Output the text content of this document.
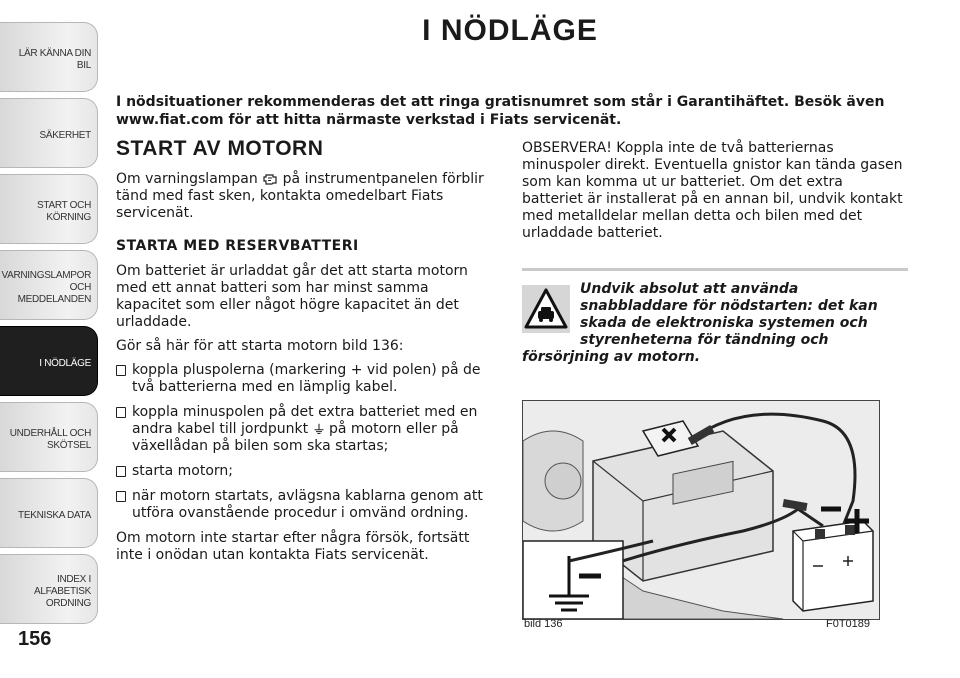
LÄR KÄNNA DIN BIL
SÄKERHET
START OCH
KÖRNING
VARNINGSLAMPOR
OCH
MEDDELANDEN
I NÖDLÄGE
UNDERHÅLL OCH
SKÖTSEL
TEKNISKA DATA
INDEX I ALFABETISK
ORDNING
156
I NÖDLÄGE
I nödsituationer rekommenderas det att ringa gratisnumret som står i Garantihäftet. Besök även www.fiat.com för att hitta närmaste verkstad i Fiats servicenät.
START AV MOTORN

Om varningslampan på instrumentpanelen förblir tänd med fast sken, kontakta omedelbart Fiats servicenät.

STARTA MED RESERVBATTERI

Om batteriet är urladdat går det att starta motorn med ett annat batteri som har minst samma kapacitet som eller något högre kapacitet än det urladdade.

Gör så här för att starta motorn bild 136:

koppla pluspolerna (markering + vid polen) på de två batterierna med en lämplig kabel.
koppla minuspolen på det extra batteriet med en andra kabel till jordpunkt på motorn eller på växellådan på bilen som ska startas;
starta motorn;
när motorn startats, avlägsna kablarna genom att utföra ovanstående procedur i omvänd ordning.

Om motorn inte startar efter några försök, fortsätt inte i onödan utan kontakta Fiats servicenät.

OBSERVERA! Koppla inte de två batteriernas minuspoler direkt. Eventuella gnistor kan tända gasen som kan komma ut ur batteriet. Om det extra batteriet är installerat på en annan bil, undvik kontakt med metalldelar mellan detta och bilen med det urladdade batteriet.

Undvik absolut att använda snabbladdare för nödstarten: det kan skada de elektroniska systemen och styrenheterna för tändning och försörjning av motorn.
bild 136	F0T0189
